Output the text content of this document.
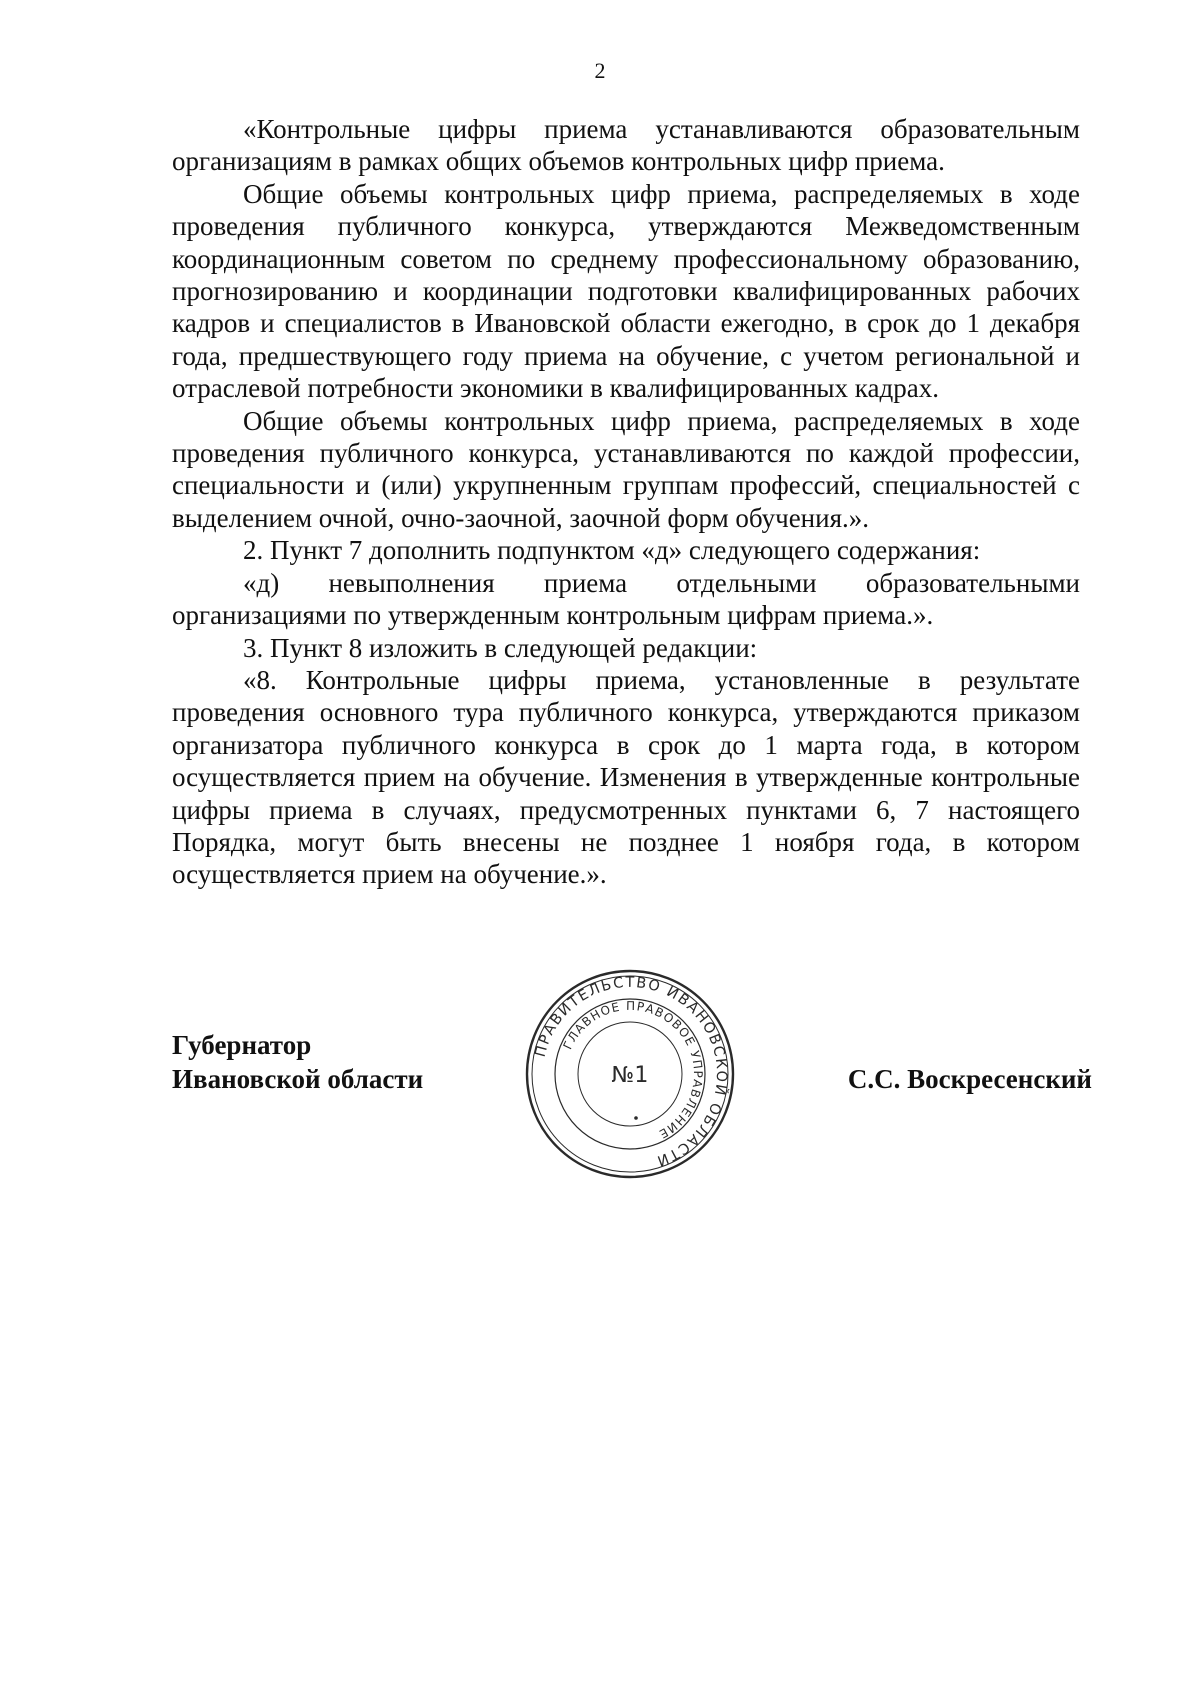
2

«Контрольные цифры приема устанавливаются образовательным организациям в рамках общих объемов контрольных цифр приема.

Общие объемы контрольных цифр приема, распределяемых в ходе проведения публичного конкурса, утверждаются Межведомственным координационным советом по среднему профессиональному образованию, прогнозированию и координации подготовки квалифицированных рабочих кадров и специалистов в Ивановской области ежегодно, в срок до 1 декабря года, предшествующего году приема на обучение, с учетом региональной и отраслевой потребности экономики в квалифицированных кадрах.

Общие объемы контрольных цифр приема, распределяемых в ходе проведения публичного конкурса, устанавливаются по каждой профессии, специальности и (или) укрупненным группам профессий, специальностей с выделением очной, очно-заочной, заочной форм обучения.».

2. Пункт 7 дополнить подпунктом «д» следующего содержания:

«д) невыполнения приема отдельными образовательными организациями по утвержденным контрольным цифрам приема.».

3. Пункт 8 изложить в следующей редакции:

«8. Контрольные цифры приема, установленные в результате проведения основного тура публичного конкурса, утверждаются приказом организатора публичного конкурса в срок до 1 марта года, в котором осуществляется прием на обучение. Изменения в утвержденные контрольные цифры приема в случаях, предусмотренных пунктами 6, 7 настоящего Порядка, могут быть внесены не позднее 1 ноября года, в котором осуществляется прием на обучение.».

Губернатор
Ивановской области
ПРАВИТЕЛЬСТВО ИВАНОВСКОЙ ОБЛАСТИ
ГЛАВНОЕ ПРАВОВОЕ УПРАВЛЕНИЕ
№1	С.С. Воскресенский
